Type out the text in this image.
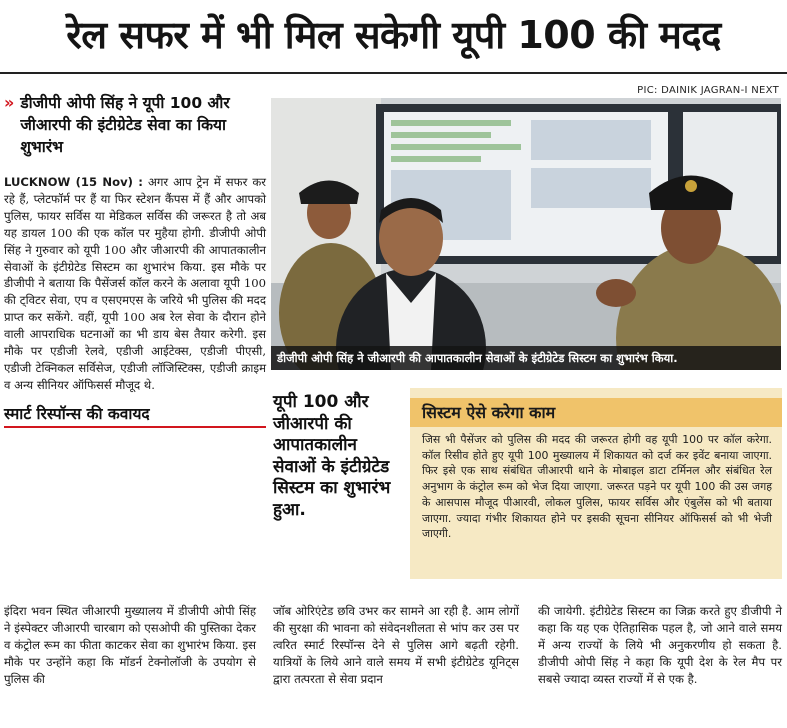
रेल सफर में भी मिल सकेगी यूपी 100 की मदद
PIC: DAINIK JAGRAN-I NEXT
» डीजीपी ओपी सिंह ने यूपी 100 और जीआरपी की इंटीग्रेटेड सेवा का किया शुभारंभ

LUCKNOW (15 Nov) : अगर आप ट्रेन में सफर कर रहे हैं, प्लेटफॉर्म पर हैं या फिर स्टेशन कैंपस में हैं और आपको पुलिस, फायर सर्विस या मेडिकल सर्विस की जरूरत है तो अब यह डायल 100 की एक कॉल पर मुहैया होगी. डीजीपी ओपी सिंह ने गुरुवार को यूपी 100 और जीआरपी की आपातकालीन सेवाओं के इंटीग्रेटेड सिस्टम का शुभारंभ किया. इस मौके पर डीजीपी ने बताया कि पैसेंजर्स कॉल करने के अलावा यूपी 100 की ट्विटर सेवा, एप व एसएमएस के जरिये भी पुलिस की मदद प्राप्त कर सकेंगे. वहीं, यूपी 100 अब रेल सेवा के दौरान होने वाली आपराधिक घटनाओं का भी डाय बेस तैयार करेगी. इस मौके पर एडीजी रेलवे, एडीजी आईटेक्स, एडीजी पीएसी, एडीजी टेक्निकल सर्विसेज, एडीजी लॉजिस्टिक्स, एडीजी क्राइम व अन्य सीनियर ऑफिसर्स मौजूद थे.

स्मार्ट रिस्पॉन्स की कवायद
डीजीपी ओपी सिंह ने जीआरपी की आपातकालीन सेवाओं के इंटीग्रेटेड सिस्टम का शुभारंभ किया.
यूपी 100 और जीआरपी की आपातकालीन सेवाओं के इंटीग्रेटेड सिस्टम का शुभारंभ हुआ.
सिस्टम ऐसे करेगा काम

जिस भी पैसेंजर को पुलिस की मदद की जरूरत होगी वह यूपी 100 पर कॉल करेगा. कॉल रिसीव होते हुए यूपी 100 मुख्यालय में शिकायत को दर्ज कर इवेंट बनाया जाएगा. फिर इसे एक साथ संबंधित जीआरपी थाने के मोबाइल डाटा टर्मिनल और संबंधित रेल अनुभाग के कंट्रोल रूम को भेज दिया जाएगा. जरूरत पड़ने पर यूपी 100 की उस जगह के आसपास मौजूद पीआरवी, लोकल पुलिस, फायर सर्विस और एंबुलेंस को भी बताया जाएगा. ज्यादा गंभीर शिकायत होने पर इसकी सूचना सीनियर ऑफिसर्स को भी भेजी जाएगी.

इंदिरा भवन स्थित जीआरपी मुख्यालय में डीजीपी ओपी सिंह ने इंस्पेक्टर जीआरपी चारबाग को एसओपी की पुस्तिका देकर व कंट्रोल रूम का फीता काटकर सेवा का शुभारंभ किया. इस मौके पर उन्होंने कहा कि मॉडर्न टेक्नोलॉजी के उपयोग से पुलिस की

जॉब ओरिएंटेड छवि उभर कर सामने आ रही है. आम लोगों की सुरक्षा की भावना को संवेदनशीलता से भांप कर उस पर त्वरित स्मार्ट रिस्पॉन्स देने से पुलिस आगे बढ़ती रहेगी. यात्रियों के लिये आने वाले समय में सभी इंटीग्रेटेड यूनिट्स द्वारा तत्परता से सेवा प्रदान

की जायेगी. इंटीग्रेटेड सिस्टम का जिक्र करते हुए डीजीपी ने कहा कि यह एक ऐतिहासिक पहल है, जो आने वाले समय में अन्य राज्यों के लिये भी अनुकरणीय हो सकता है. डीजीपी ओपी सिंह ने कहा कि यूपी देश के रेल मैप पर सबसे ज्यादा व्यस्त राज्यों में से एक है.
